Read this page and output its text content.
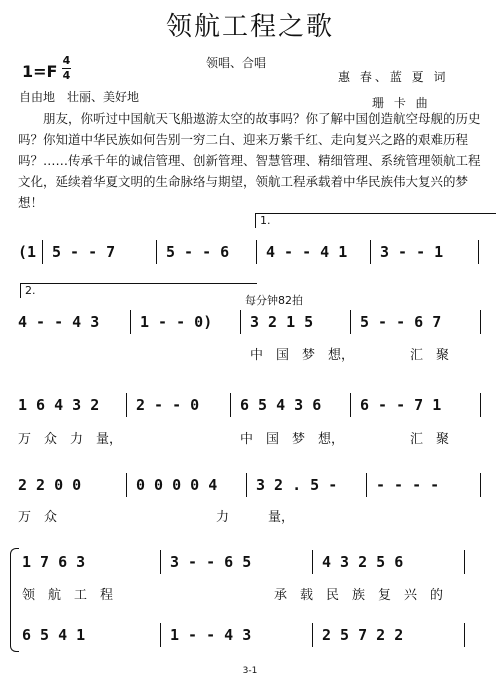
领航工程之歌
1=F
4
4
领唱、合唱
惠 春、蓝 夏 词
珊 卡 曲
自由地　壮丽、美好地
朋友，你听过中国航天飞船遨游太空的故事吗？你了解中国创造航空母舰的历史吗？你知道中华民族如何告别一穷二白、迎来万紫千红、走向复兴之路的艰难历程吗？……传承千年的诚信管理、创新管理、智慧管理、精细管理、系统管理领航工程文化，延续着华夏文明的生命脉络与期望，领航工程承载着中华民族伟大复兴的梦想！
1.
(1 5 - - 7	5 - - 6 4 - - 4 1 3 - - 1
2.
每分钟82拍
4 - - 4 3	1 - - 0)	3 2 1 5	5 - - 6 7
中　国　梦　想，	汇　聚
1 6 4 3 2 2 - - 0	6 5 4 3 6	6 - - 7 1
万　众　力　量，	中　国　梦　想，	汇　聚
2 2 0 0	0 0 0 0 4	3 2 . 5 -	- - - -
万　众	力　　　量，
1 7 6 3	3 - - 6 5	4 3 2 5 6
领　航　工　程	承　载　民　族　复　兴　的
6 5 4 1	1 - - 4 3	2 5 7 2 2
3-1
